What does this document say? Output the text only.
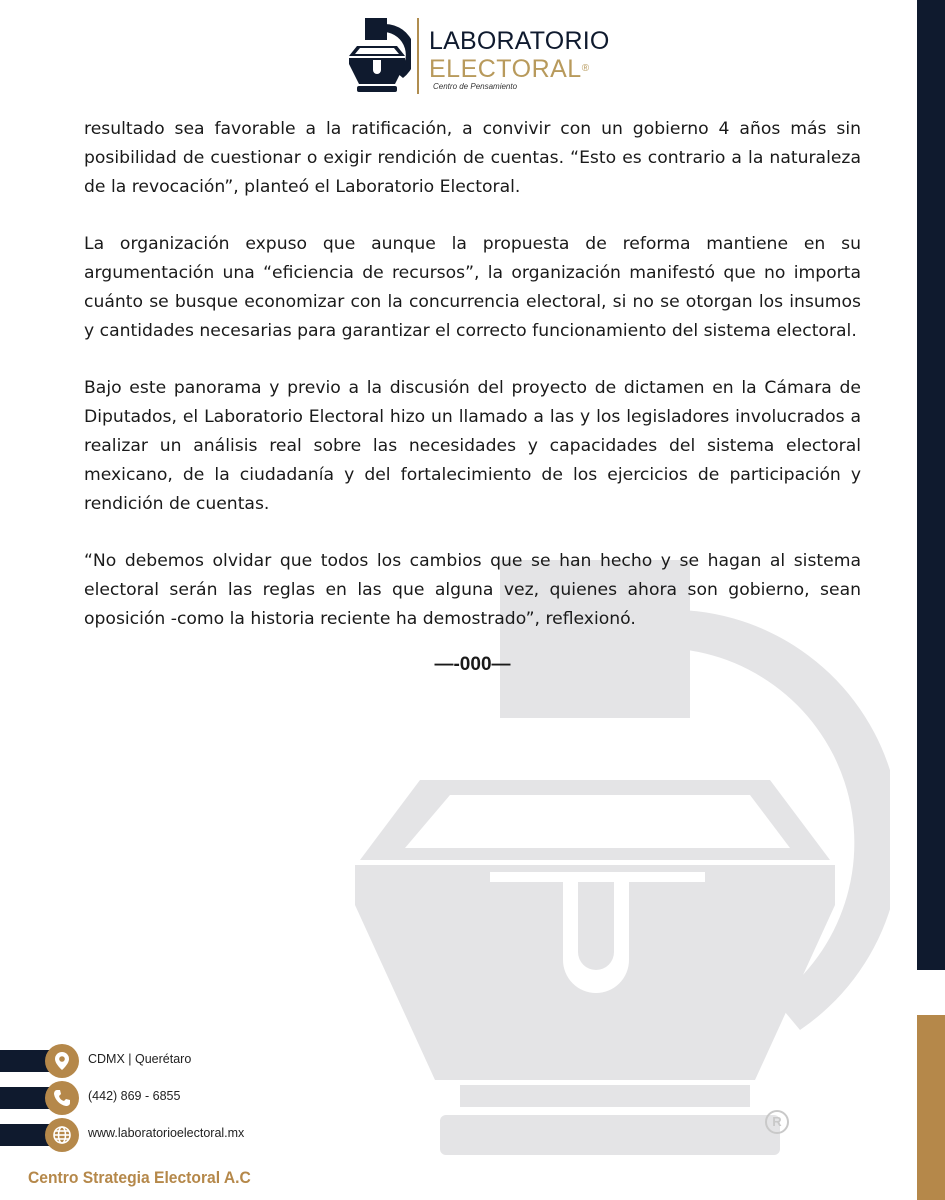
LABORATORIO
ELECTORAL®
Centro de Pensamiento

resultado sea favorable a la ratificación, a convivir con un gobierno 4 años más sin posibilidad de cuestionar o exigir rendición de cuentas. “Esto es contrario a la naturaleza de la revocación”, planteó el Laboratorio Electoral.

La organización expuso que aunque la propuesta de reforma mantiene en su argumentación una “eficiencia de recursos”, la organización manifestó que no importa cuánto se busque economizar con la concurrencia electoral, si no se otorgan los insumos y cantidades necesarias para garantizar el correcto funcionamiento del sistema electoral.

Bajo este panorama y previo a la discusión del proyecto de dictamen en la Cámara de Diputados, el Laboratorio Electoral hizo un llamado a las y los legisladores involucrados a realizar un análisis real sobre las necesidades y capacidades del sistema electoral mexicano, de la ciudadanía y del fortalecimiento de los ejercicios de participación y rendición de cuentas.

“No debemos olvidar que todos los cambios que se han hecho y se hagan al sistema electoral serán las reglas en las que alguna vez, quienes ahora son gobierno, sean oposición -como la historia reciente ha demostrado”, reflexionó.

—-000—
CDMX | Querétaro
(442) 869 - 6855
www.laboratorioelectoral.mx
Centro Strategia Electoral A.C
R
